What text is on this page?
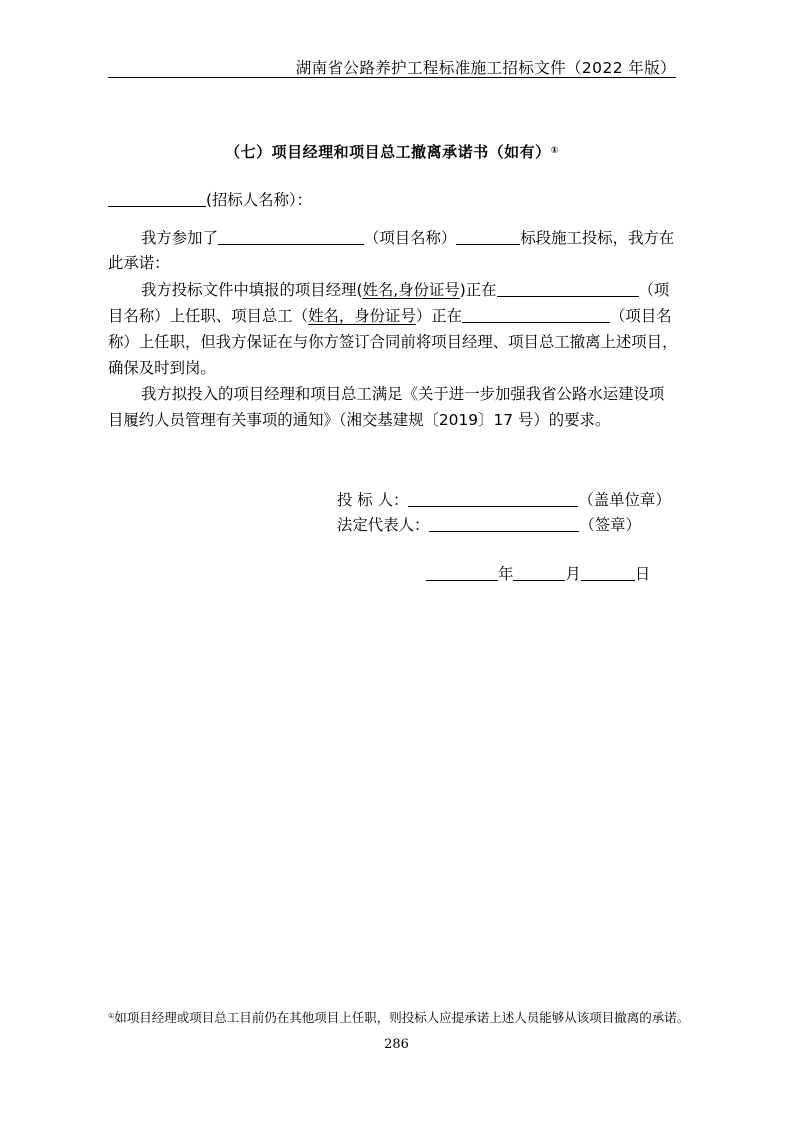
湖南省公路养护工程标准施工招标文件（2022 年版）
（七）项目经理和项目总工撤离承诺书（如有）①
(招标人名称）：
我方参加了	（项目名称）	标段施工投标，我方在
此承诺：
我方投标文件中填报的项目经理(姓名,身份证号)正在	（项
目名称）上任职、项目总工（姓名，身份证号）正在	（项目名
称）上任职，但我方保证在与你方签订合同前将项目经理、项目总工撤离上述项目，
确保及时到岗。
我方拟投入的项目经理和项目总工满足《关于进一步加强我省公路水运建设项
目履约人员管理有关事项的通知》（湘交基建规〔2019〕17 号）的要求。
投 标 人：	（盖单位章）
法定代表人：	（签章）
年	月	日
①如项目经理或项目总工目前仍在其他项目上任职，则投标人应提承诺上述人员能够从该项目撤离的承诺。
286
